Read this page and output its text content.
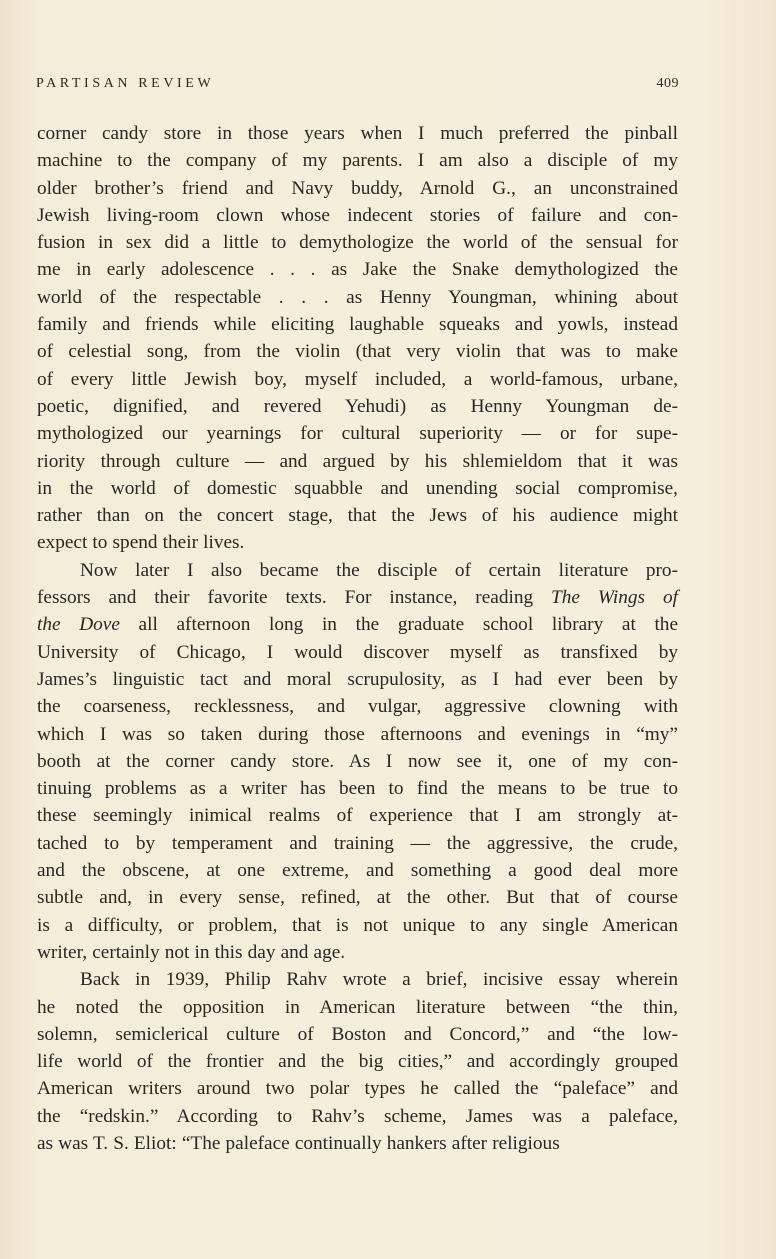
PARTISAN REVIEW	409

corner candy store in those years when I much preferred the pinball
machine to the company of my parents. I am also a disciple of my
older brother’s friend and Navy buddy, Arnold G., an unconstrained
Jewish living-room clown whose indecent stories of failure and con-
fusion in sex did a little to demythologize the world of the sensual for
me in early adolescence . . . as Jake the Snake demythologized the
world of the respectable . . . as Henny Youngman, whining about
family and friends while eliciting laughable squeaks and yowls, instead
of celestial song, from the violin (that very violin that was to make
of every little Jewish boy, myself included, a world-famous, urbane,
poetic, dignified, and revered Yehudi) as Henny Youngman de-
mythologized our yearnings for cultural superiority — or for supe-
riority through culture — and argued by his shlemieldom that it was
in the world of domestic squabble and unending social compromise,
rather than on the concert stage, that the Jews of his audience might
expect to spend their lives.

Now later I also became the disciple of certain literature pro-
fessors and their favorite texts. For instance, reading The Wings of
the Dove all afternoon long in the graduate school library at the
University of Chicago, I would discover myself as transfixed by
James’s linguistic tact and moral scrupulosity, as I had ever been by
the coarseness, recklessness, and vulgar, aggressive clowning with
which I was so taken during those afternoons and evenings in “my”
booth at the corner candy store. As I now see it, one of my con-
tinuing problems as a writer has been to find the means to be true to
these seemingly inimical realms of experience that I am strongly at-
tached to by temperament and training — the aggressive, the crude,
and the obscene, at one extreme, and something a good deal more
subtle and, in every sense, refined, at the other. But that of course
is a difficulty, or problem, that is not unique to any single American
writer, certainly not in this day and age.

Back in 1939, Philip Rahv wrote a brief, incisive essay wherein
he noted the opposition in American literature between “the thin,
solemn, semiclerical culture of Boston and Concord,” and “the low-
life world of the frontier and the big cities,” and accordingly grouped
American writers around two polar types he called the “paleface” and
the “redskin.” According to Rahv’s scheme, James was a paleface,
as was T. S. Eliot: “The paleface continually hankers after religious
